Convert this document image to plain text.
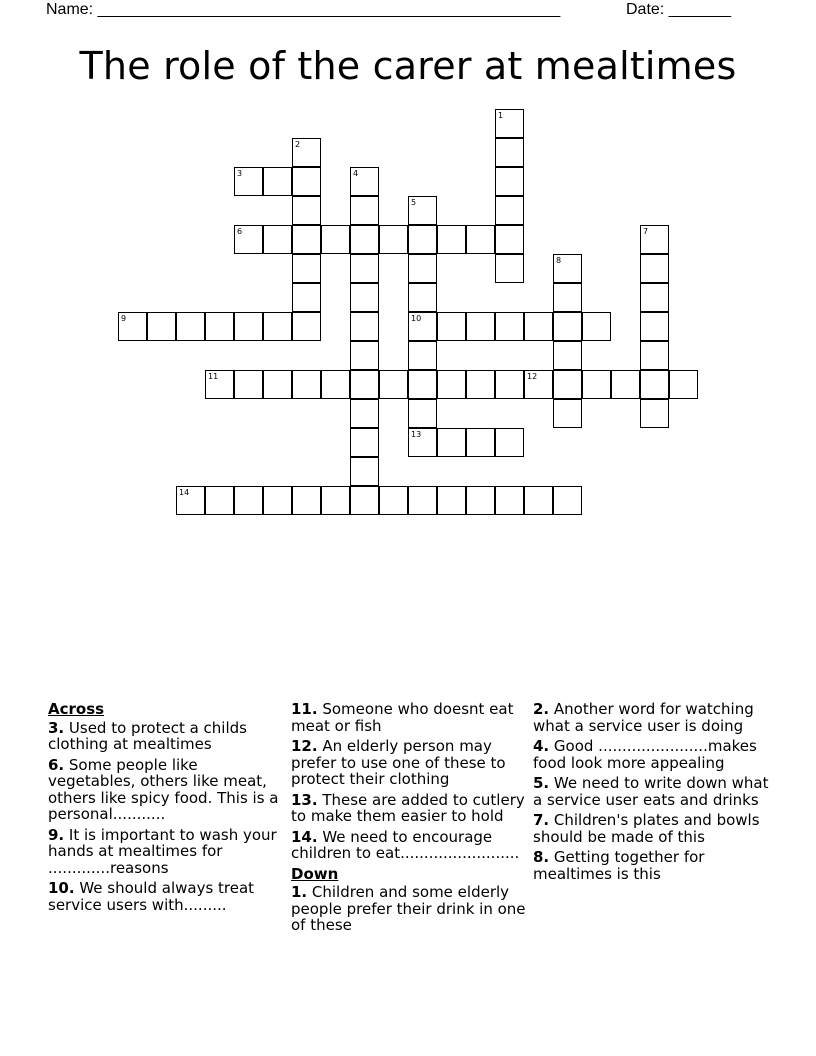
Name: ____________________________________________________	Date: _______
The role of the carer at mealtimes
1
2
3	4
5
10
13
6	7
8
9
11	12
14
Across
3. Used to protect a childs clothing at mealtimes
6. Some people like vegetables, others like meat, others like spicy food. This is a personal...........
9. It is important to wash your hands at mealtimes for .............reasons
10. We should always treat service users with.........
11. Someone who doesnt eat meat or fish
12. An elderly person may prefer to use one of these to protect their clothing
13. These are added to cutlery to make them easier to hold
14. We need to encourage children to eat.........................
Down
1. Children and some elderly people prefer their drink in one of these
2. Another word for watching what a service user is doing
4. Good .......................makes food look more appealing
5. We need to write down what a service user eats and drinks
7. Children's plates and bowls should be made of this
8. Getting together for mealtimes is this
